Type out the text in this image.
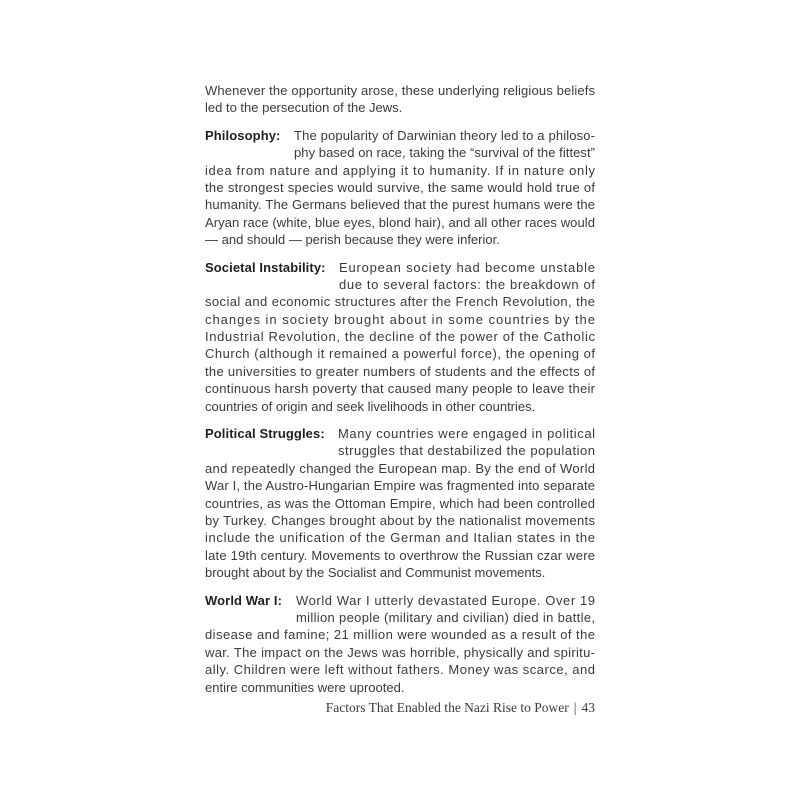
Whenever the opportunity arose, these underlying religious beliefs
led to the persecution of the Jews.
Philosophy: The popularity of Darwinian theory led to a philoso-
phy based on race, taking the “survival of the fittest”
idea from nature and applying it to humanity. If in nature only
the strongest species would survive, the same would hold true of
humanity. The Germans believed that the purest humans were the
Aryan race (white, blue eyes, blond hair), and all other races would
— and should — perish because they were inferior.
Societal Instability: European society had become unstable
due to several factors: the breakdown of
social and economic structures after the French Revolution, the
changes in society brought about in some countries by the
Industrial Revolution, the decline of the power of the Catholic
Church (although it remained a powerful force), the opening of
the universities to greater numbers of students and the effects of
continuous harsh poverty that caused many people to leave their
countries of origin and seek livelihoods in other countries.
Political Struggles: Many countries were engaged in political
struggles that destabilized the population
and repeatedly changed the European map. By the end of World
War I, the Austro-Hungarian Empire was fragmented into separate
countries, as was the Ottoman Empire, which had been controlled
by Turkey. Changes brought about by the nationalist movements
include the unification of the German and Italian states in the
late 19th century. Movements to overthrow the Russian czar were
brought about by the Socialist and Communist movements.
World War I: World War I utterly devastated Europe. Over 19
million people (military and civilian) died in battle,
disease and famine; 21 million were wounded as a result of the
war. The impact on the Jews was horrible, physically and spiritu-
ally. Children were left without fathers. Money was scarce, and
entire communities were uprooted.
Factors That Enabled the Nazi Rise to Power | 43
